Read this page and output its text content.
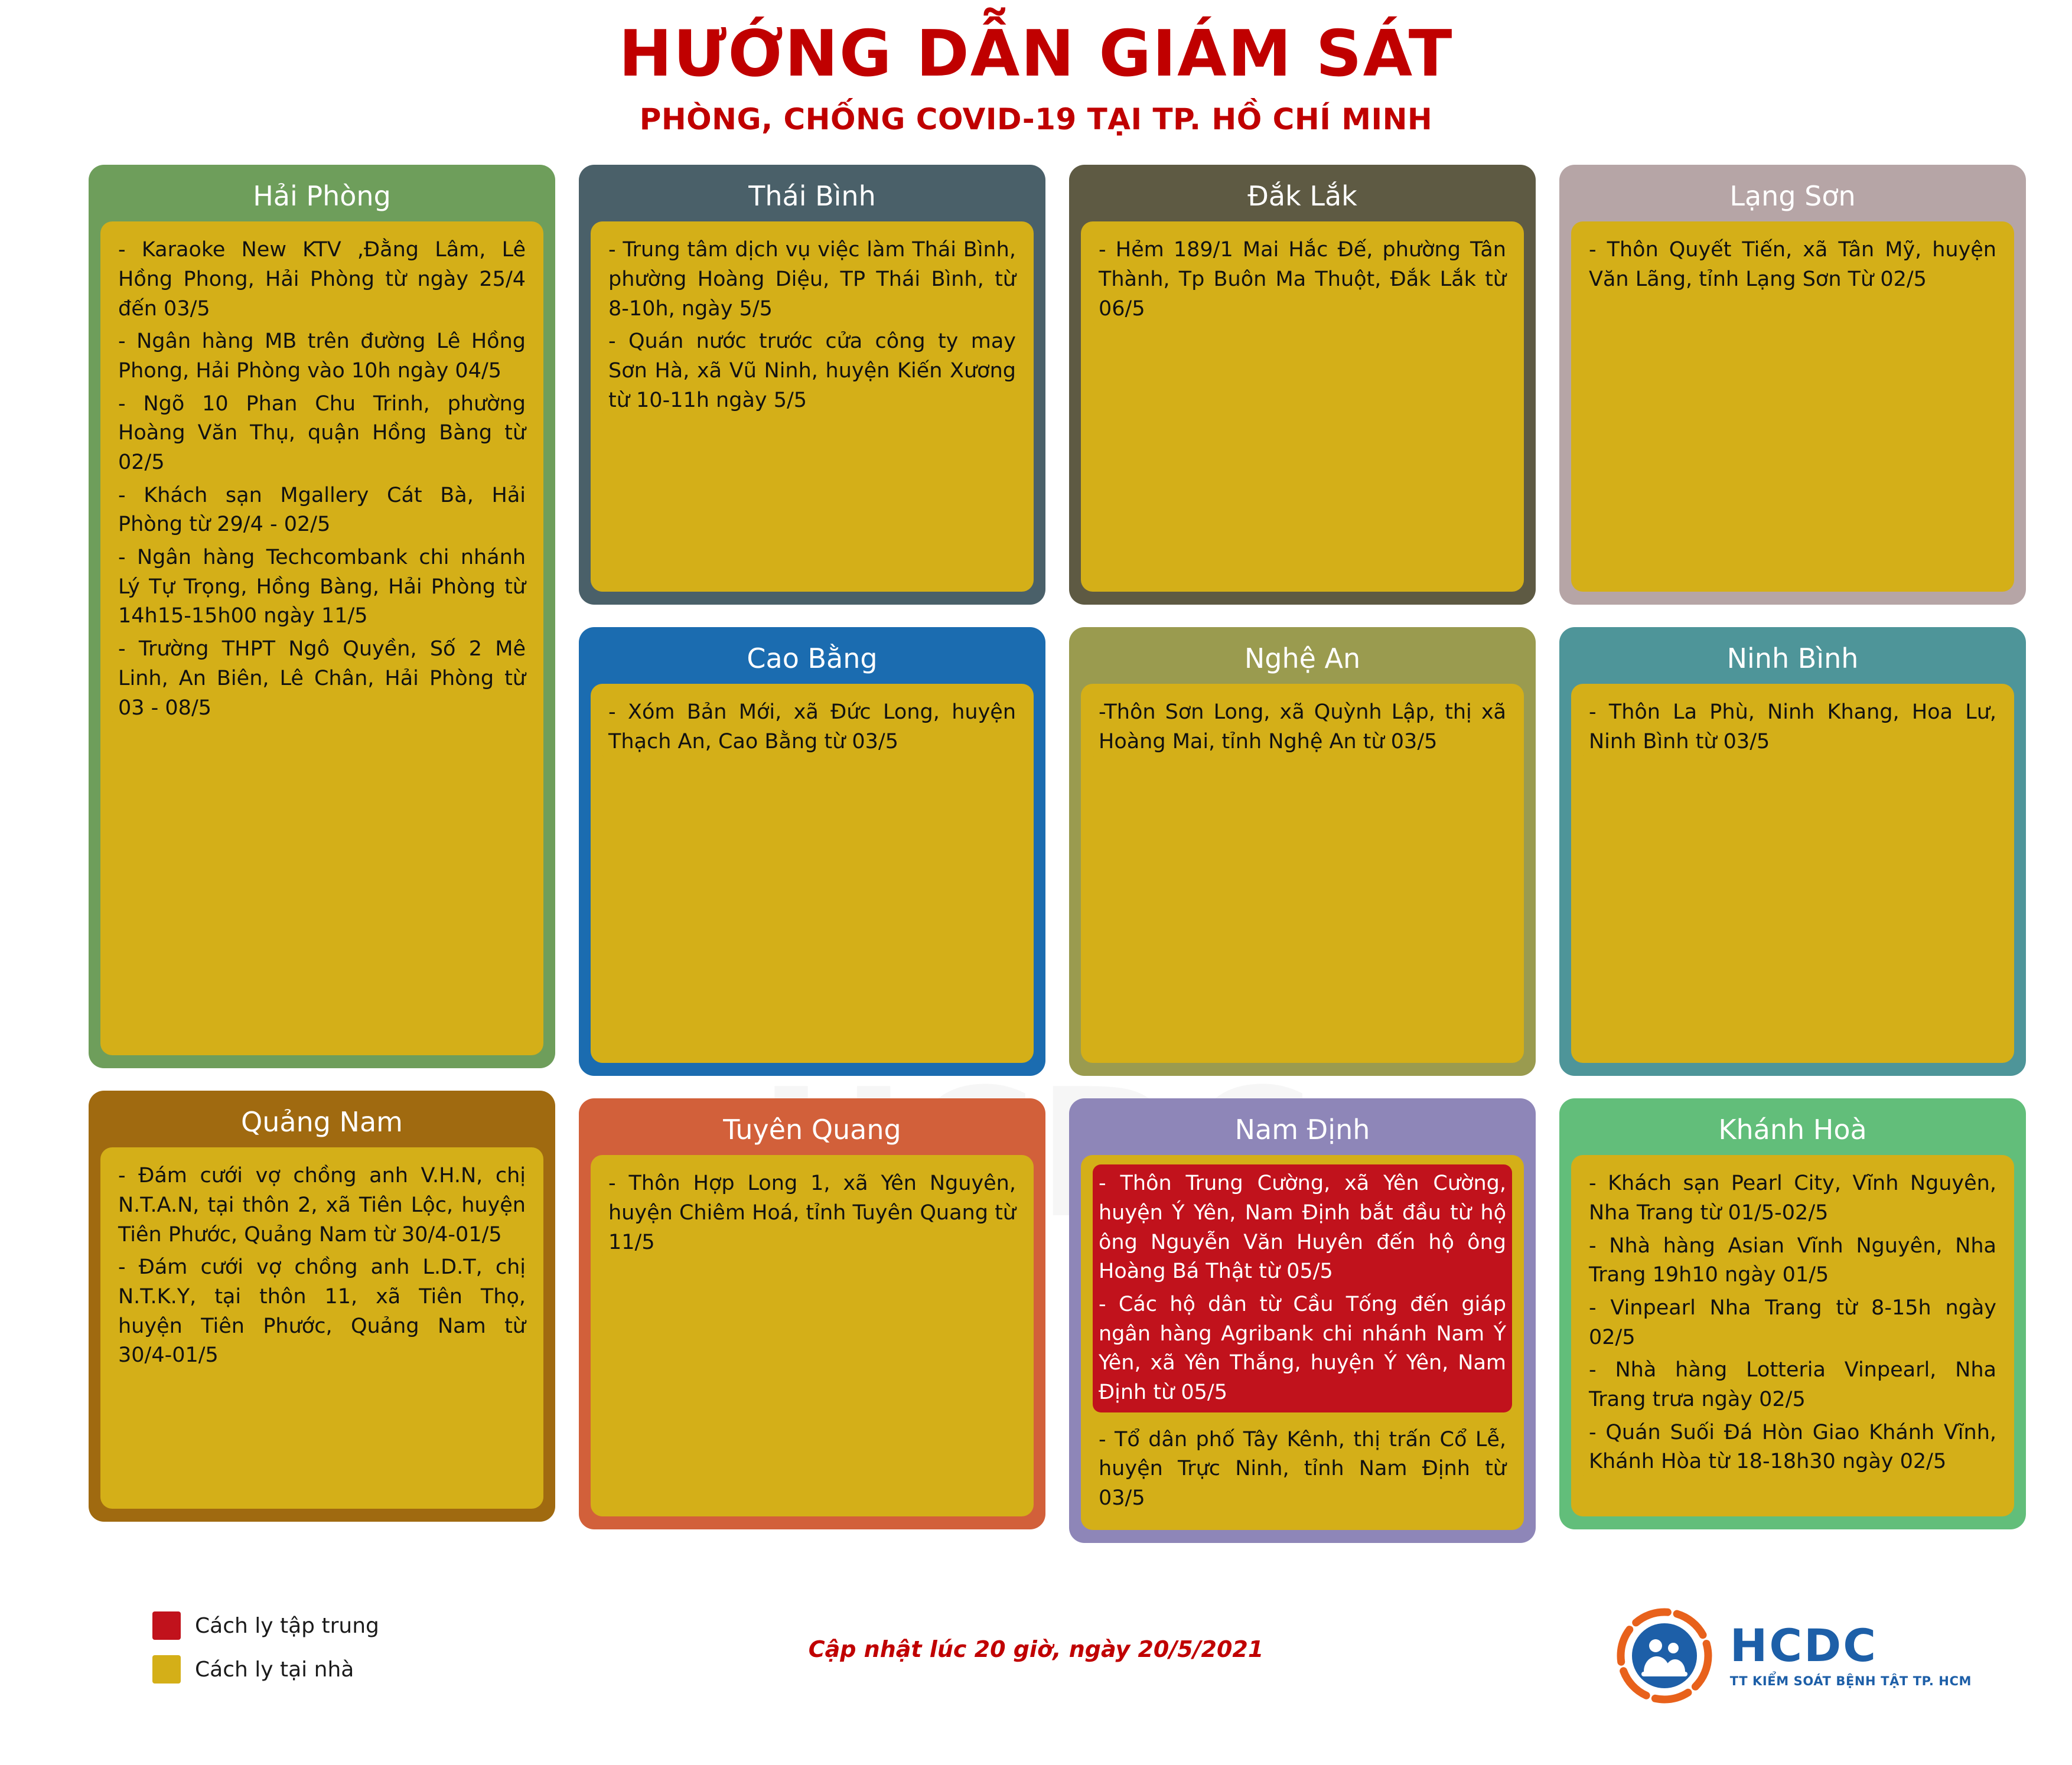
HƯỚNG DẪN GIÁM SÁT
PHÒNG, CHỐNG COVID-19 TẠI TP. HỒ CHÍ MINH
Hải Phòng

- Karaoke New KTV ,Đằng Lâm, Lê Hồng Phong, Hải Phòng từ ngày 25/4 đến 03/5

- Ngân hàng MB trên đường Lê Hồng Phong, Hải Phòng vào 10h ngày 04/5

- Ngõ 10 Phan Chu Trinh, phường Hoàng Văn Thụ, quận Hồng Bàng từ 02/5

- Khách sạn Mgallery Cát Bà, Hải Phòng từ 29/4 - 02/5

- Ngân hàng Techcombank chi nhánh Lý Tự Trọng, Hồng Bàng, Hải Phòng từ 14h15-15h00 ngày 11/5

- Trường THPT Ngô Quyền, Số 2 Mê Linh, An Biên, Lê Chân, Hải Phòng từ 03 - 08/5

Quảng Nam

- Đám cưới vợ chồng anh V.H.N, chị N.T.A.N, tại thôn 2, xã Tiên Lộc, huyện Tiên Phước, Quảng Nam từ 30/4-01/5

- Đám cưới vợ chồng anh L.D.T, chị N.T.K.Y, tại thôn 11, xã Tiên Thọ, huyện Tiên Phước, Quảng Nam từ 30/4-01/5

Thái Bình

- Trung tâm dịch vụ việc làm Thái Bình, phường Hoàng Diệu, TP Thái Bình, từ 8-10h, ngày 5/5

- Quán nước trước cửa công ty may Sơn Hà, xã Vũ Ninh, huyện Kiến Xương từ 10-11h ngày 5/5

Cao Bằng

- Xóm Bản Mới, xã Đức Long, huyện Thạch An, Cao Bằng từ 03/5

Tuyên Quang

- Thôn Hợp Long 1, xã Yên Nguyên, huyện Chiêm Hoá, tỉnh Tuyên Quang từ 11/5

Đắk Lắk

- Hẻm 189/1 Mai Hắc Đế, phường Tân Thành, Tp Buôn Ma Thuột, Đắk Lắk từ 06/5

Nghệ An

-Thôn Sơn Long, xã Quỳnh Lập, thị xã Hoàng Mai, tỉnh Nghệ An từ 03/5

Nam Định

- Thôn Trung Cường, xã Yên Cường, huyện Ý Yên, Nam Định bắt đầu từ hộ ông Nguyễn Văn Huyên đến hộ ông Hoàng Bá Thật từ 05/5

- Các hộ dân từ Cầu Tống đến giáp ngân hàng Agribank chi nhánh Nam Ý Yên, xã Yên Thắng, huyện Ý Yên, Nam Định từ 05/5

- Tổ dân phố Tây Kênh, thị trấn Cổ Lễ, huyện Trực Ninh, tỉnh Nam Định từ 03/5

Lạng Sơn

- Thôn Quyết Tiến, xã Tân Mỹ, huyện Văn Lãng, tỉnh Lạng Sơn Từ 02/5

Ninh Bình

- Thôn La Phù, Ninh Khang, Hoa Lư, Ninh Bình từ 03/5

Khánh Hoà

- Khách sạn Pearl City, Vĩnh Nguyên, Nha Trang từ 01/5-02/5

- Nhà hàng Asian Vĩnh Nguyên, Nha Trang 19h10 ngày 01/5

- Vinpearl Nha Trang từ 8-15h ngày 02/5

- Nhà hàng Lotteria Vinpearl, Nha Trang trưa ngày 02/5

- Quán Suối Đá Hòn Giao Khánh Vĩnh, Khánh Hòa từ 18-18h30 ngày 02/5

Cách ly tập trung
Cách ly tại nhà
Cập nhật lúc 20 giờ, ngày 20/5/2021	HCDC
TT KIỂM SOÁT BỆNH TẬT TP. HCM
